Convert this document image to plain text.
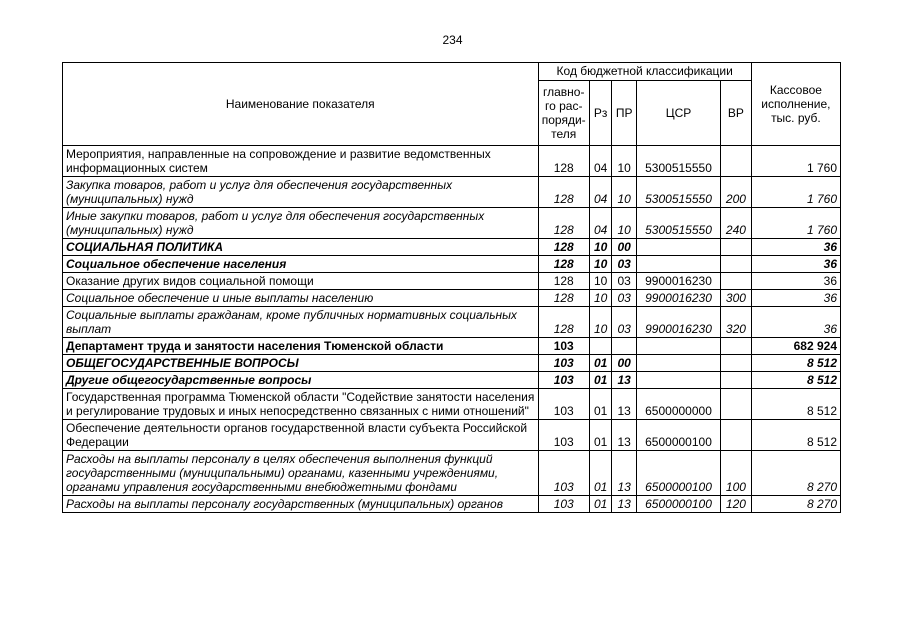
234
Наименование показателя	Код бюджетной классификации					Кассовое исполнение, тыс. руб.
	главно-го рас-поряди-теля	Рз	ПР	ЦСР	ВР	
Мероприятия, направленные на сопровождение и развитие ведомственных информационных систем	128	04	10	5300515550		1 760
Закупка товаров, работ и услуг для обеспечения государственных (муниципальных) нужд	128	04	10	5300515550	200	1 760
Иные закупки товаров, работ и услуг для обеспечения государственных (муниципальных) нужд	128	04	10	5300515550	240	1 760
СОЦИАЛЬНАЯ ПОЛИТИКА	128	10	00			36
Социальное обеспечение населения	128	10	03			36
Оказание других видов социальной помощи	128	10	03	9900016230		36
Социальное обеспечение и иные выплаты населению	128	10	03	9900016230	300	36
Социальные выплаты гражданам, кроме публичных нормативных социальных выплат	128	10	03	9900016230	320	36
Департамент труда и занятости населения Тюменской области	103					682 924
ОБЩЕГОСУДАРСТВЕННЫЕ ВОПРОСЫ	103	01	00			8 512
Другие общегосударственные вопросы	103	01	13			8 512
Государственная программа Тюменской области "Содействие занятости населения и регулирование трудовых и иных непосредственно связанных с ними отношений"	103	01	13	6500000000		8 512
Обеспечение деятельности органов государственной власти субъекта Российской Федерации	103	01	13	6500000100		8 512
Расходы на выплаты персоналу в целях обеспечения выполнения функций государственными (муниципальными) органами, казенными учреждениями, органами управления государственными внебюджетными фондами	103	01	13	6500000100	100	8 270
Расходы на выплаты персоналу государственных (муниципальных) органов	103	01	13	6500000100	120	8 270
